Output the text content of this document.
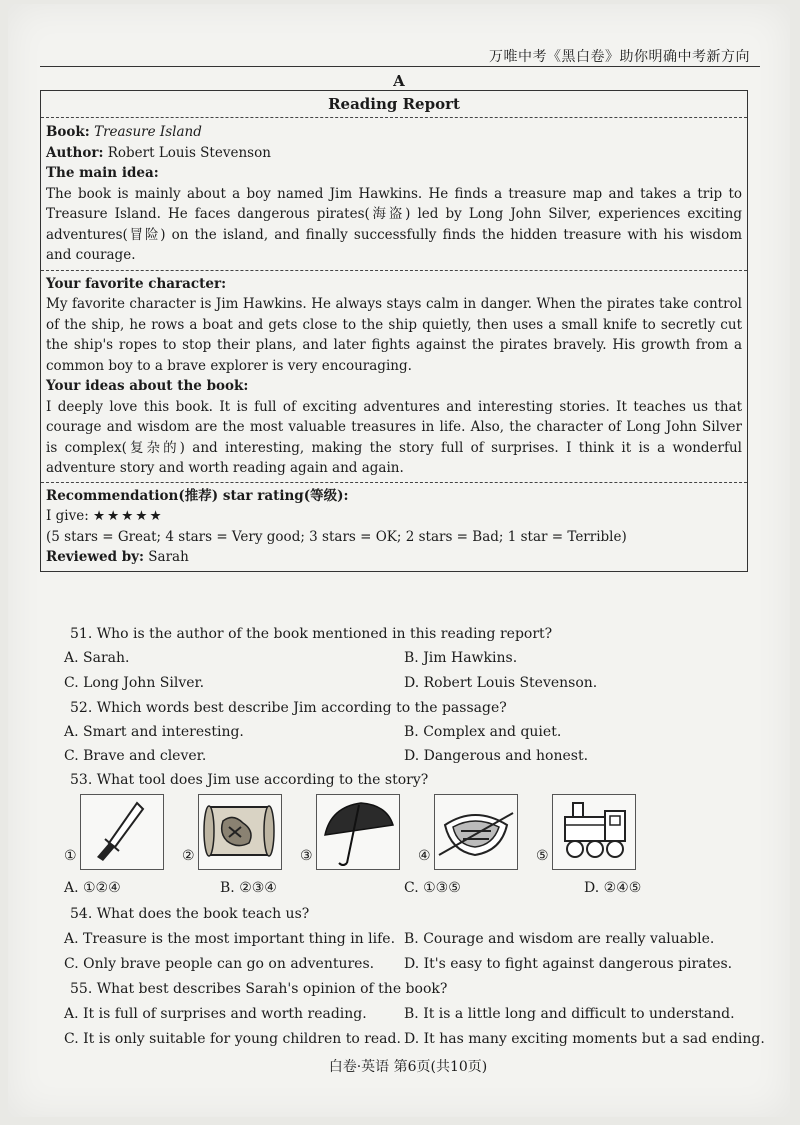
万唯中考《黑白卷》助你明确中考新方向
A
Reading Report
Book: Treasure Island
Author: Robert Louis Stevenson
The main idea:
The book is mainly about a boy named Jim Hawkins. He finds a treasure map and takes a trip to Treasure Island. He faces dangerous pirates(海盗) led by Long John Silver, experiences exciting adventures(冒险) on the island, and finally successfully finds the hidden treasure with his wisdom and courage.
Your favorite character:
My favorite character is Jim Hawkins. He always stays calm in danger. When the pirates take control of the ship, he rows a boat and gets close to the ship quietly, then uses a small knife to secretly cut the ship's ropes to stop their plans, and later fights against the pirates bravely. His growth from a common boy to a brave explorer is very encouraging.
Your ideas about the book:
I deeply love this book. It is full of exciting adventures and interesting stories. It teaches us that courage and wisdom are the most valuable treasures in life. Also, the character of Long John Silver is complex(复杂的) and interesting, making the story full of surprises. I think it is a wonderful adventure story and worth reading again and again.
Recommendation(推荐) star rating(等级):
I give: ★★★★★
(5 stars = Great; 4 stars = Very good; 3 stars = OK; 2 stars = Bad; 1 star = Terrible)
Reviewed by: Sarah
51. Who is the author of the book mentioned in this reading report?
A. Sarah.	B. Jim Hawkins.
C. Long John Silver.	D. Robert Louis Stevenson.
52. Which words best describe Jim according to the passage?
A. Smart and interesting.	B. Complex and quiet.
C. Brave and clever.	D. Dangerous and honest.
53. What tool does Jim use according to the story?
①	②	③	④	⑤
A. ①②④	B. ②③④	C. ①③⑤	D. ②④⑤
54. What does the book teach us?
A. Treasure is the most important thing in life. B. Courage and wisdom are really valuable.
C. Only brave people can go on adventures. D. It's easy to fight against dangerous pirates.
55. What best describes Sarah's opinion of the book?
A. It is full of surprises and worth reading.	B. It is a little long and difficult to understand.
C. It is only suitable for young children to read. D. It has many exciting moments but a sad ending.
白卷·英语 第6页(共10页)
